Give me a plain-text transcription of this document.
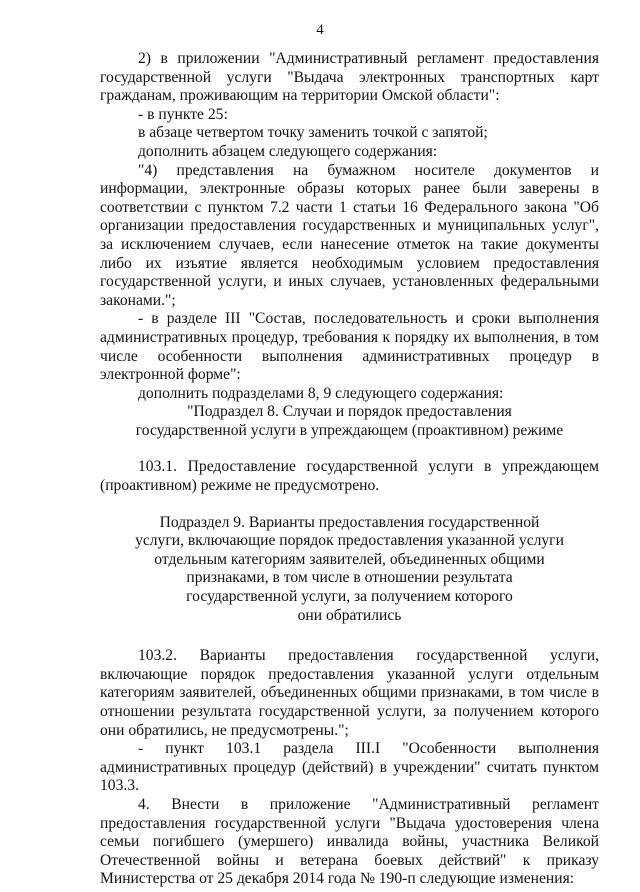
4

2) в приложении "Административный регламент предоставления государственной услуги "Выдача электронных транспортных карт гражданам, проживающим на территории Омской области":

- в пункте 25:

в абзаце четвертом точку заменить точкой с запятой;

дополнить абзацем следующего содержания:

"4) представления на бумажном носителе документов и информации, электронные образы которых ранее были заверены в соответствии с пунктом 7.2 части 1 статьи 16 Федерального закона "Об организации предоставления государственных и муниципальных услуг", за исключением случаев, если нанесение отметок на такие документы либо их изъятие является необходимым условием предоставления государственной услуги, и иных случаев, установленных федеральными законами.";

- в разделе III "Состав, последовательность и сроки выполнения административных процедур, требования к порядку их выполнения, в том числе особенности выполнения административных процедур в электронной форме":

дополнить подразделами 8, 9 следующего содержания:

"Подраздел 8. Случаи и порядок предоставления

государственной услуги в упреждающем (проактивном) режиме

103.1. Предоставление государственной услуги в упреждающем (проактивном) режиме не предусмотрено.

Подраздел 9. Варианты предоставления государственной

услуги, включающие порядок предоставления указанной услуги

отдельным категориям заявителей, объединенных общими

признаками, в том числе в отношении результата

государственной услуги, за получением которого

они обратились

103.2. Варианты предоставления государственной услуги, включающие порядок предоставления указанной услуги отдельным категориям заявителей, объединенных общими признаками, в том числе в отношении результата государственной услуги, за получением которого они обратились, не предусмотрены.";

- пункт 103.1 раздела III.I "Особенности выполнения административных процедур (действий) в учреждении" считать пунктом 103.3.

4. Внести в приложение "Административный регламент предоставления государственной услуги "Выдача удостоверения члена семьи погибшего (умершего) инвалида войны, участника Великой Отечественной войны и ветерана боевых действий" к приказу Министерства от 25 декабря 2014 года № 190-п следующие изменения:
